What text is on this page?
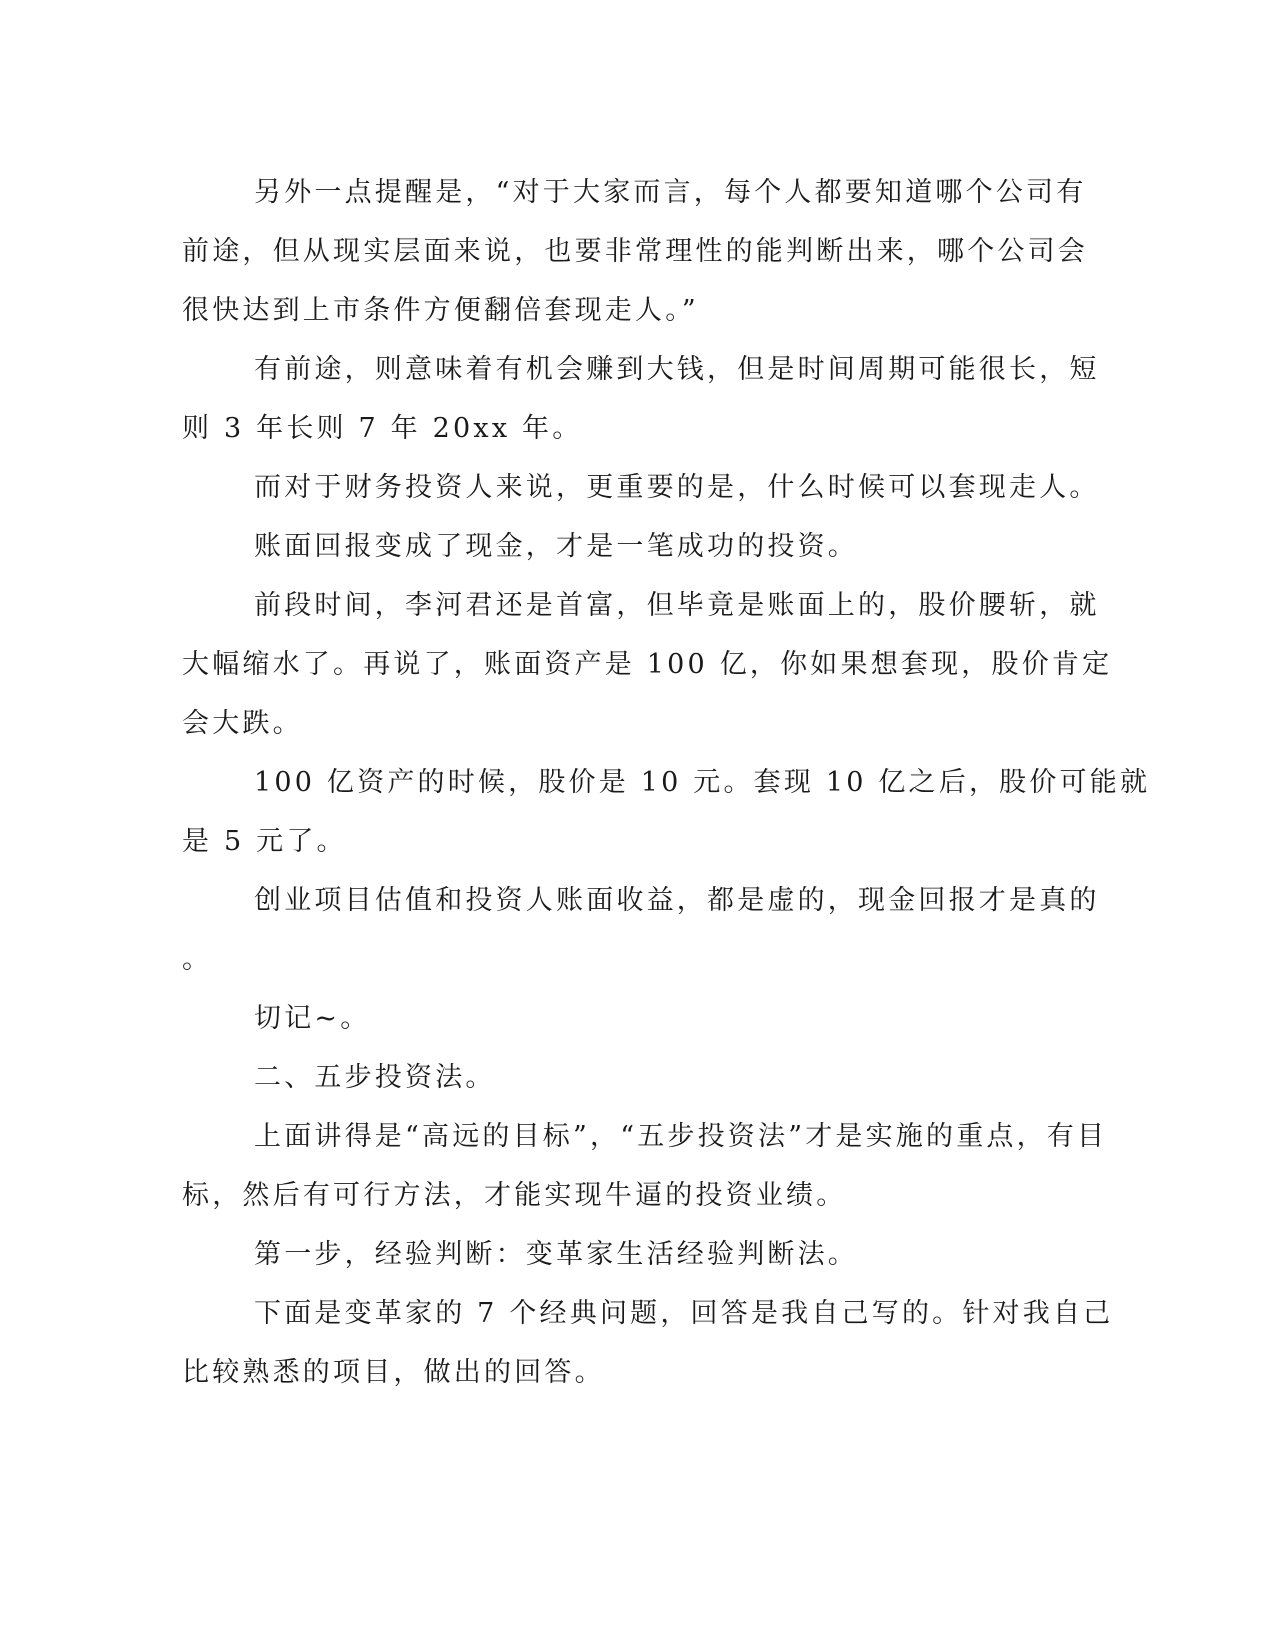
另外一点提醒是，“对于大家而言，每个人都要知道哪个公司有
前途，但从现实层面来说，也要非常理性的能判断出来，哪个公司会
很快达到上市条件方便翻倍套现走人。”
有前途，则意味着有机会赚到大钱，但是时间周期可能很长，短
则 3 年长则 7 年 20xx 年。
而对于财务投资人来说，更重要的是，什么时候可以套现走人。
账面回报变成了现金，才是一笔成功的投资。
前段时间，李河君还是首富，但毕竟是账面上的，股价腰斩，就
大幅缩水了。再说了，账面资产是 100 亿，你如果想套现，股价肯定
会大跌。
100 亿资产的时候，股价是 10 元。套现 10 亿之后，股价可能就
是 5 元了。
创业项目估值和投资人账面收益，都是虚的，现金回报才是真的
。
切记~。
二、五步投资法。
上面讲得是“高远的目标”，“五步投资法”才是实施的重点，有目
标，然后有可行方法，才能实现牛逼的投资业绩。
第一步，经验判断：变革家生活经验判断法。
下面是变革家的 7 个经典问题，回答是我自己写的。针对我自己
比较熟悉的项目，做出的回答。
